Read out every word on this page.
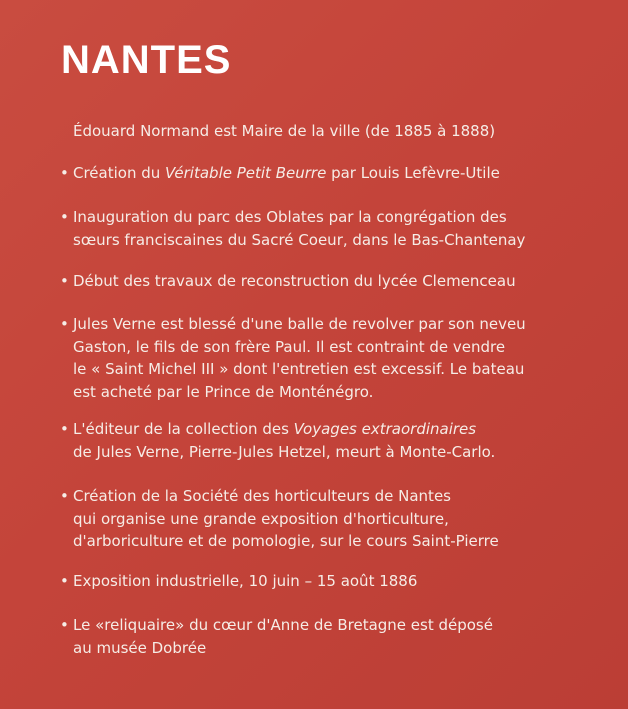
NANTES

Édouard Normand est Maire de la ville (de 1885 à 1888)

• Création du Véritable Petit Beurre par Louis Lefèvre-Utile
• Inauguration du parc des Oblates par la congrégation des
sœurs franciscaines du Sacré Coeur, dans le Bas-Chantenay
• Début des travaux de reconstruction du lycée Clemenceau
• Jules Verne est blessé d'une balle de revolver par son neveu
Gaston, le fils de son frère Paul. Il est contraint de vendre
le « Saint Michel III » dont l'entretien est excessif. Le bateau
est acheté par le Prince de Monténégro.
• L'éditeur de la collection des Voyages extraordinaires
de Jules Verne, Pierre-Jules Hetzel, meurt à Monte-Carlo.
• Création de la Société des horticulteurs de Nantes
qui organise une grande exposition d'horticulture,
d'arboriculture et de pomologie, sur le cours Saint-Pierre
• Exposition industrielle, 10 juin – 15 août 1886
• Le «reliquaire» du cœur d'Anne de Bretagne est déposé
au musée Dobrée
